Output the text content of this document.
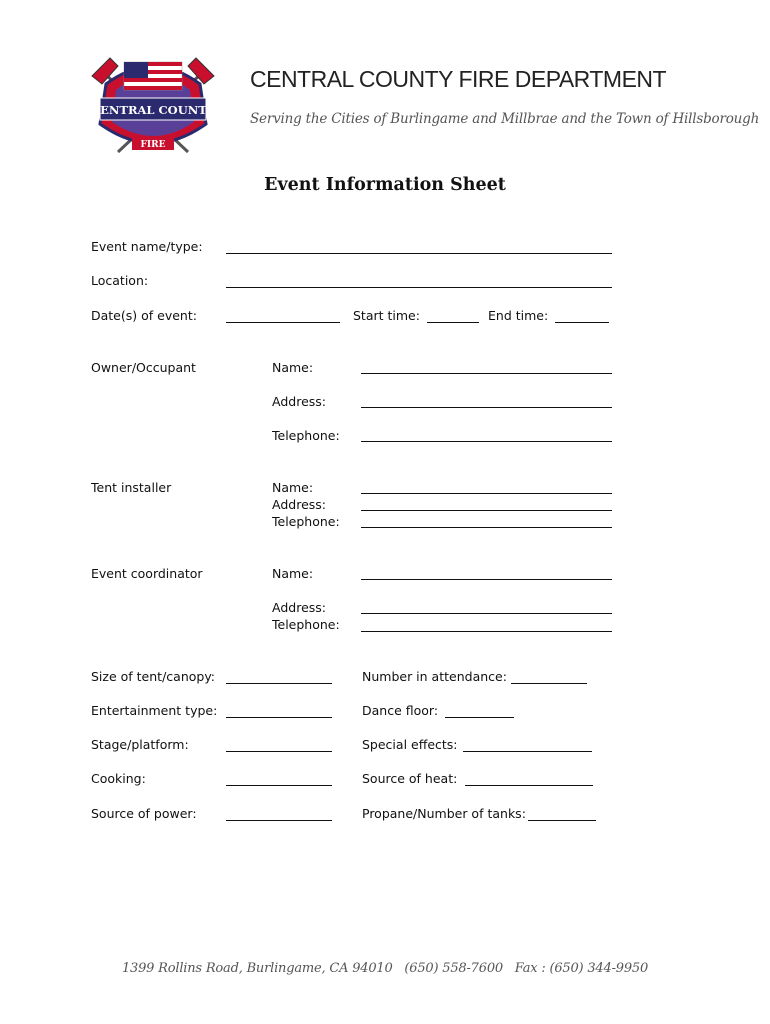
CENTRAL COUNTY
FIRE
CENTRAL COUNTY FIRE DEPARTMENT
Serving the Cities of Burlingame and Millbrae and the Town of Hillsborough
Event Information Sheet
Event name/type:
Location:
Date(s) of event:	Start time:	End time:
Owner/Occupant	Name:
Address:
Telephone:
Tent installer	Name:
Address:
Telephone:
Event coordinator	Name:
Address:
Telephone:
Size of tent/canopy:	Number in attendance:
Entertainment type:	Dance floor:
Stage/platform:	Special effects:
Cooking:	Source of heat:
Source of power:	Propane/Number of tanks:
1399 Rollins Road, Burlingame, CA 94010 (650) 558-7600 Fax : (650) 344-9950
